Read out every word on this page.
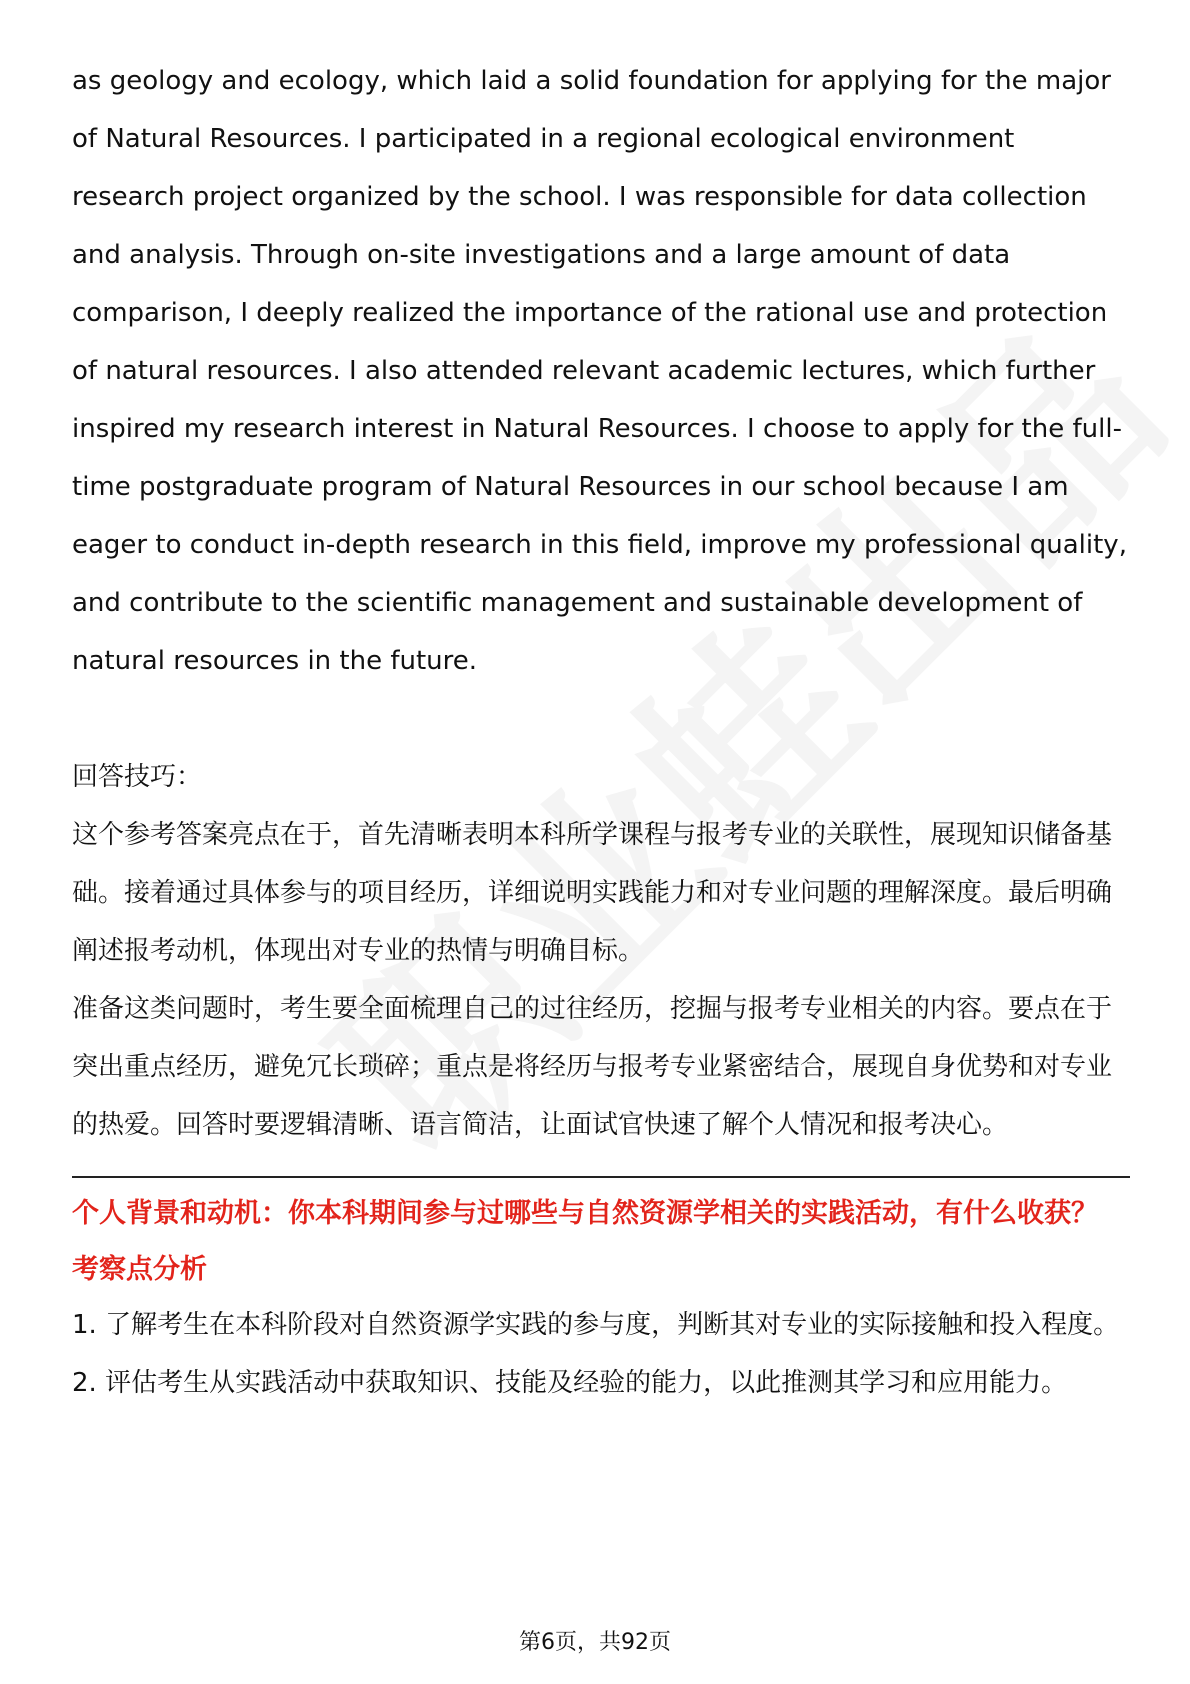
as geology and ecology, which laid a solid foundation for applying for the major of Natural Resources. I participated in a regional ecological environment research project organized by the school. I was responsible for data collection and analysis. Through on-site investigations and a large amount of data comparison, I deeply realized the importance of the rational use and protection of natural resources. I also attended relevant academic lectures, which further inspired my research interest in Natural Resources. I choose to apply for the full-time postgraduate program of Natural Resources in our school because I am eager to conduct in-depth research in this field, improve my professional quality, and contribute to the scientific management and sustainable development of natural resources in the future.

回答技巧：

这个参考答案亮点在于，首先清晰表明本科所学课程与报考专业的关联性，展现知识储备基础。接着通过具体参与的项目经历，详细说明实践能力和对专业问题的理解深度。最后明确阐述报考动机，体现出对专业的热情与明确目标。

准备这类问题时，考生要全面梳理自己的过往经历，挖掘与报考专业相关的内容。要点在于突出重点经历，避免冗长琐碎；重点是将经历与报考专业紧密结合，展现自身优势和对专业的热爱。回答时要逻辑清晰、语言简洁，让面试官快速了解个人情况和报考决心。

个人背景和动机：你本科期间参与过哪些与自然资源学相关的实践活动，有什么收获？

考察点分析

1. 了解考生在本科阶段对自然资源学实践的参与度，判断其对专业的实际接触和投入程度。

2. 评估考生从实践活动中获取知识、技能及经验的能力，以此推测其学习和应用能力。

第6页，共92页
